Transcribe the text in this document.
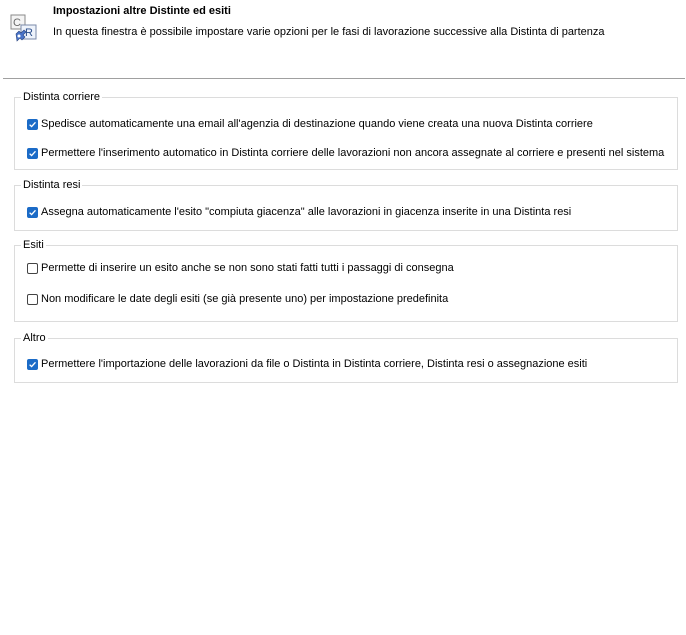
C
R
Impostazioni altre Distinte ed esiti
In questa finestra è possibile impostare varie opzioni per le fasi di lavorazione successive alla Distinta di partenza
Distinta corriere
Spedisce automaticamente una email all'agenzia di destinazione quando viene creata una nuova Distinta corriere
Permettere l'inserimento automatico in Distinta corriere delle lavorazioni non ancora assegnate al corriere e presenti nel sistema
Distinta resi
Assegna automaticamente l'esito "compiuta giacenza" alle lavorazioni in giacenza inserite in una Distinta resi
Esiti
Permette di inserire un esito anche se non sono stati fatti tutti i passaggi di consegna
Non modificare le date degli esiti (se già presente uno) per impostazione predefinita
Altro
Permettere l'importazione delle lavorazioni da file o Distinta in Distinta corriere, Distinta resi o assegnazione esiti
